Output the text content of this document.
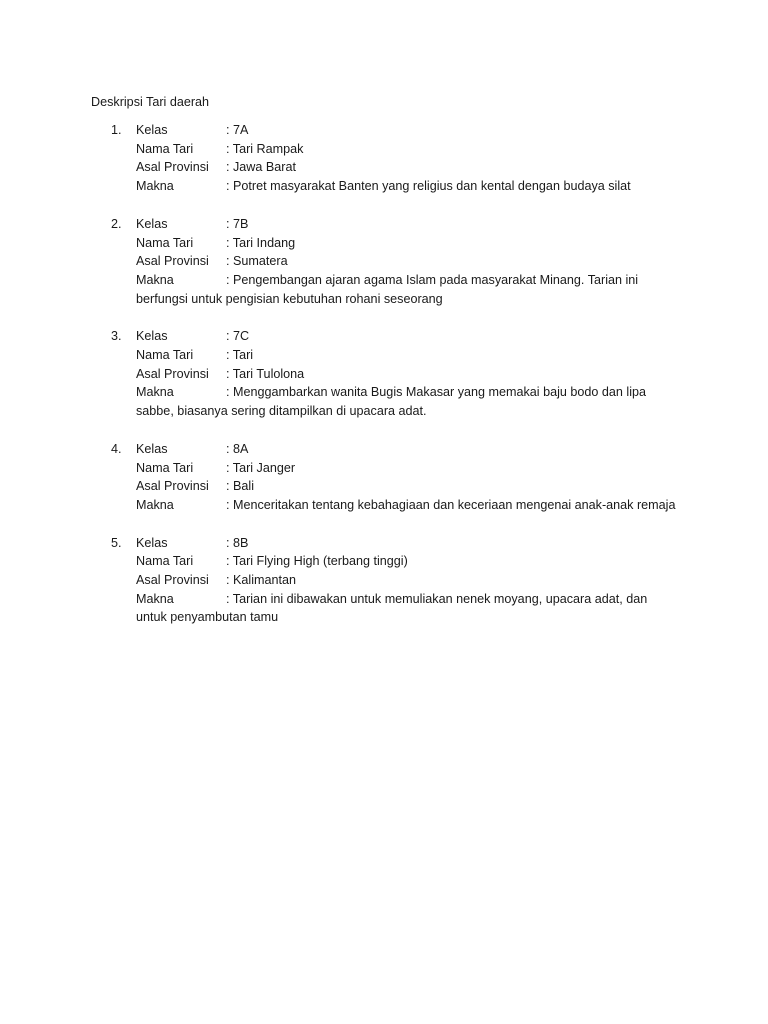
Deskripsi Tari daerah
1. Kelas	: 7A
Nama Tari	: Tari Rampak
Asal Provinsi	: Jawa Barat
Makna	: Potret masyarakat Banten yang religius dan kental dengan budaya silat
2. Kelas	: 7B
Nama Tari	: Tari Indang
Asal Provinsi	: Sumatera
Makna	: Pengembangan ajaran agama Islam pada masyarakat Minang. Tarian ini berfungsi untuk pengisian kebutuhan rohani seseorang
3. Kelas	: 7C
Nama Tari	: Tari
Asal Provinsi	: Tari Tulolona
Makna	: Menggambarkan wanita Bugis Makasar yang memakai baju bodo dan lipa sabbe, biasanya sering ditampilkan di upacara adat.
4. Kelas	: 8A
Nama Tari	: Tari Janger
Asal Provinsi	: Bali
Makna	: Menceritakan tentang kebahagiaan dan keceriaan mengenai anak-anak remaja
5. Kelas	: 8B
Nama Tari	: Tari Flying High (terbang tinggi)
Asal Provinsi	: Kalimantan
Makna	: Tarian ini dibawakan untuk memuliakan nenek moyang, upacara adat, dan untuk penyambutan tamu
